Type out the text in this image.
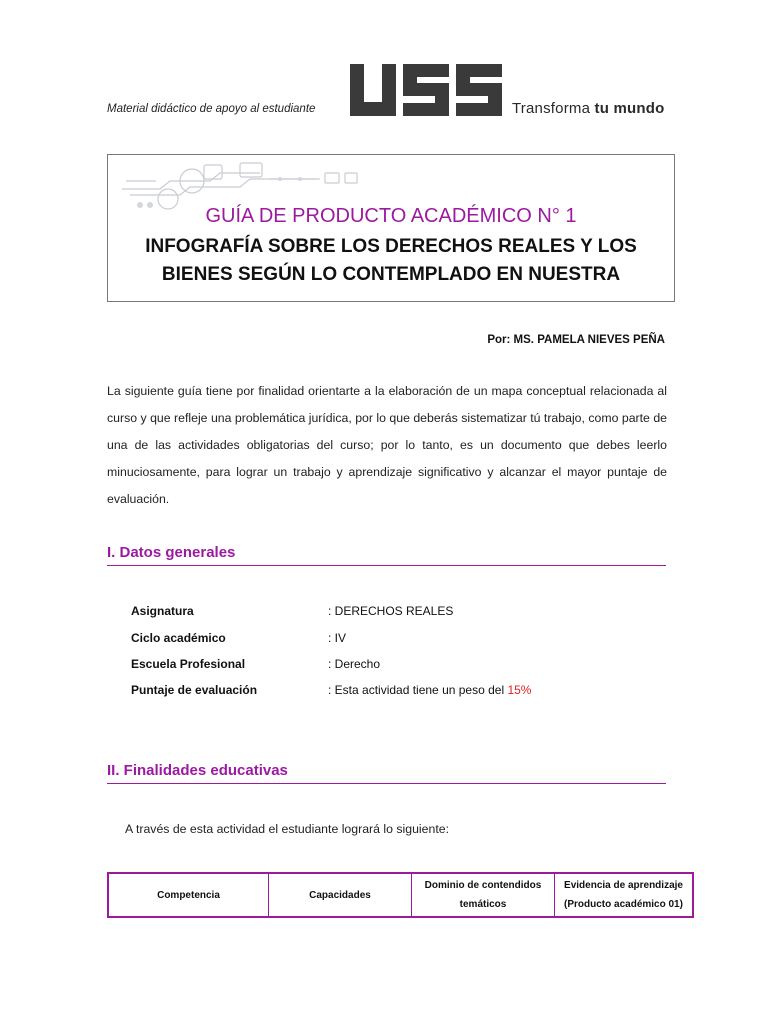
Material didáctico de apoyo al estudiante	Transforma tu mundo
GUÍA DE PRODUCTO ACADÉMICO N° 1
INFOGRAFÍA SOBRE LOS DERECHOS REALES Y LOS
BIENES SEGÚN LO CONTEMPLADO EN NUESTRA
Por: MS. PAMELA NIEVES PEÑA
La siguiente guía tiene por finalidad orientarte a la elaboración de un mapa conceptual relacionada al curso y que refleje una problemática jurídica, por lo que deberás sistematizar tú trabajo, como parte de una de las actividades obligatorias del curso; por lo tanto, es un documento que debes leerlo minuciosamente, para lograr un trabajo y aprendizaje significativo y alcanzar el mayor puntaje de evaluación.
I. Datos generales
Asignatura	: DERECHOS REALES
Ciclo académico	: IV
Escuela Profesional	: Derecho
Puntaje de evaluación	: Esta actividad tiene un peso del 15%
II. Finalidades educativas
A través de esta actividad el estudiante logrará lo siguiente:
Competencia	Capacidades	Dominio de contendidos temáticos	Evidencia de aprendizaje (Producto académico 01)
